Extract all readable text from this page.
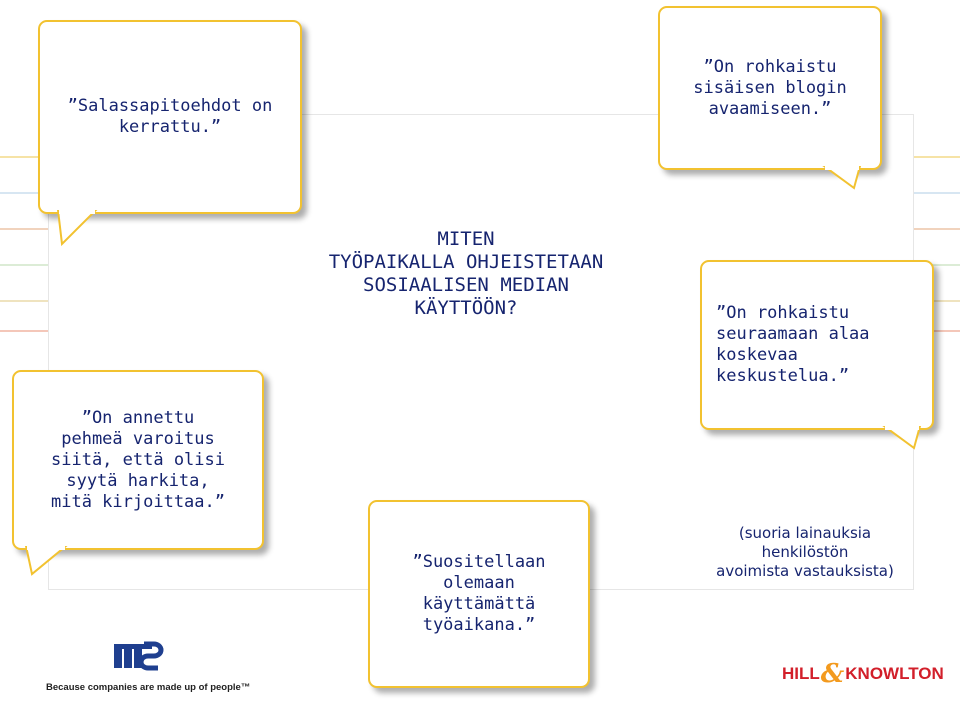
MITEN
TYÖPAIKALLA OHJEISTETAAN
SOSIAALISEN MEDIAN
KÄYTTÖÖN?
”Salassapitoehdot on
kerrattu.”
”On rohkaistu
sisäisen blogin
avaamiseen.”
”On annettu
pehmeä varoitus
siitä, että olisi
syytä harkita,
mitä kirjoittaa.”
”On rohkaistu
seuraamaan alaa
koskevaa
keskustelua.”
”Suositellaan
olemaan
käyttämättä
työaikana.”
(suoria lainauksia
henkilöstön
avoimista vastauksista)
Because companies are made up of people™
HILL&KNOWLTON
